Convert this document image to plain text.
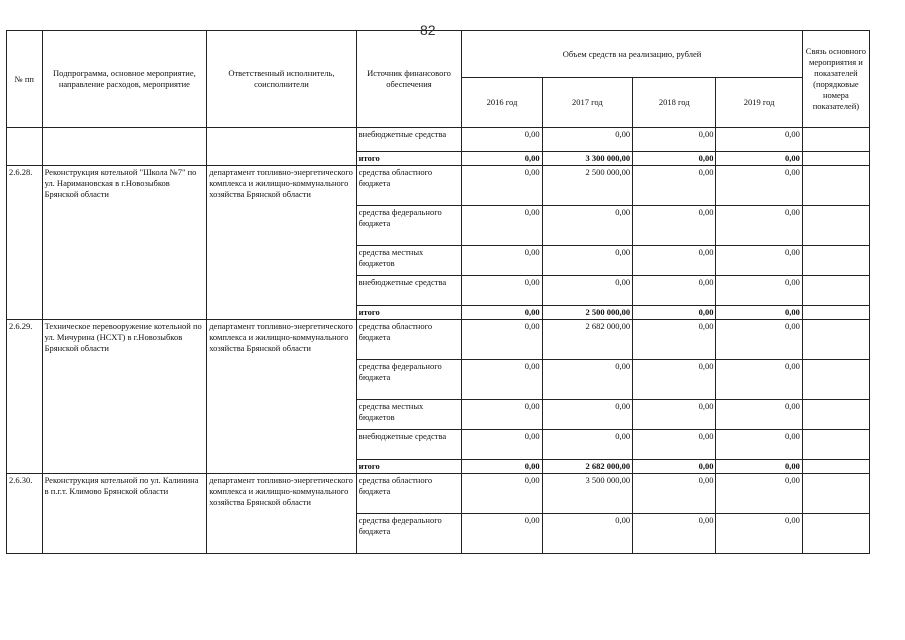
82
№ пп	Подпрограмма, основное мероприятие, направление расходов, мероприятие	Ответственный исполнитель, соисполнители	Источник финансового обеспечения	Объем средств на реализацию, рублей				Связь основного мероприятия и показателей (порядковые номера показателей)
				2016 год	2017 год	2018 год	2019 год	
			внебюджетные средства	0,00	0,00	0,00	0,00	
			итого	0,00	3 300 000,00	0,00	0,00	
2.6.28.	Реконструкция котельной "Школа №7" по ул. Наримановская в г.Новозыбков Брянской области	департамент топливно-энергетического комплекса и жилищно-коммунального хозяйства Брянской области	средства областного бюджета	0,00	2 500 000,00	0,00	0,00	
			средства федерального бюджета	0,00	0,00	0,00	0,00	
			средства местных бюджетов	0,00	0,00	0,00	0,00	
			внебюджетные средства	0,00	0,00	0,00	0,00	
			итого	0,00	2 500 000,00	0,00	0,00	
2.6.29.	Техническое перевооружение котельной по ул. Мичурина (НСХТ) в г.Новозыбков Брянской области	департамент топливно-энергетического комплекса и жилищно-коммунального хозяйства Брянской области	средства областного бюджета	0,00	2 682 000,00	0,00	0,00	
			средства федерального бюджета	0,00	0,00	0,00	0,00	
			средства местных бюджетов	0,00	0,00	0,00	0,00	
			внебюджетные средства	0,00	0,00	0,00	0,00	
			итого	0,00	2 682 000,00	0,00	0,00	
2.6.30.	Реконструкция котельной по ул. Калинина в п.г.т. Климово Брянской области	департамент топливно-энергетического комплекса и жилищно-коммунального хозяйства Брянской области	средства областного бюджета	0,00	3 500 000,00	0,00	0,00	
			средства федерального бюджета	0,00	0,00	0,00	0,00	
